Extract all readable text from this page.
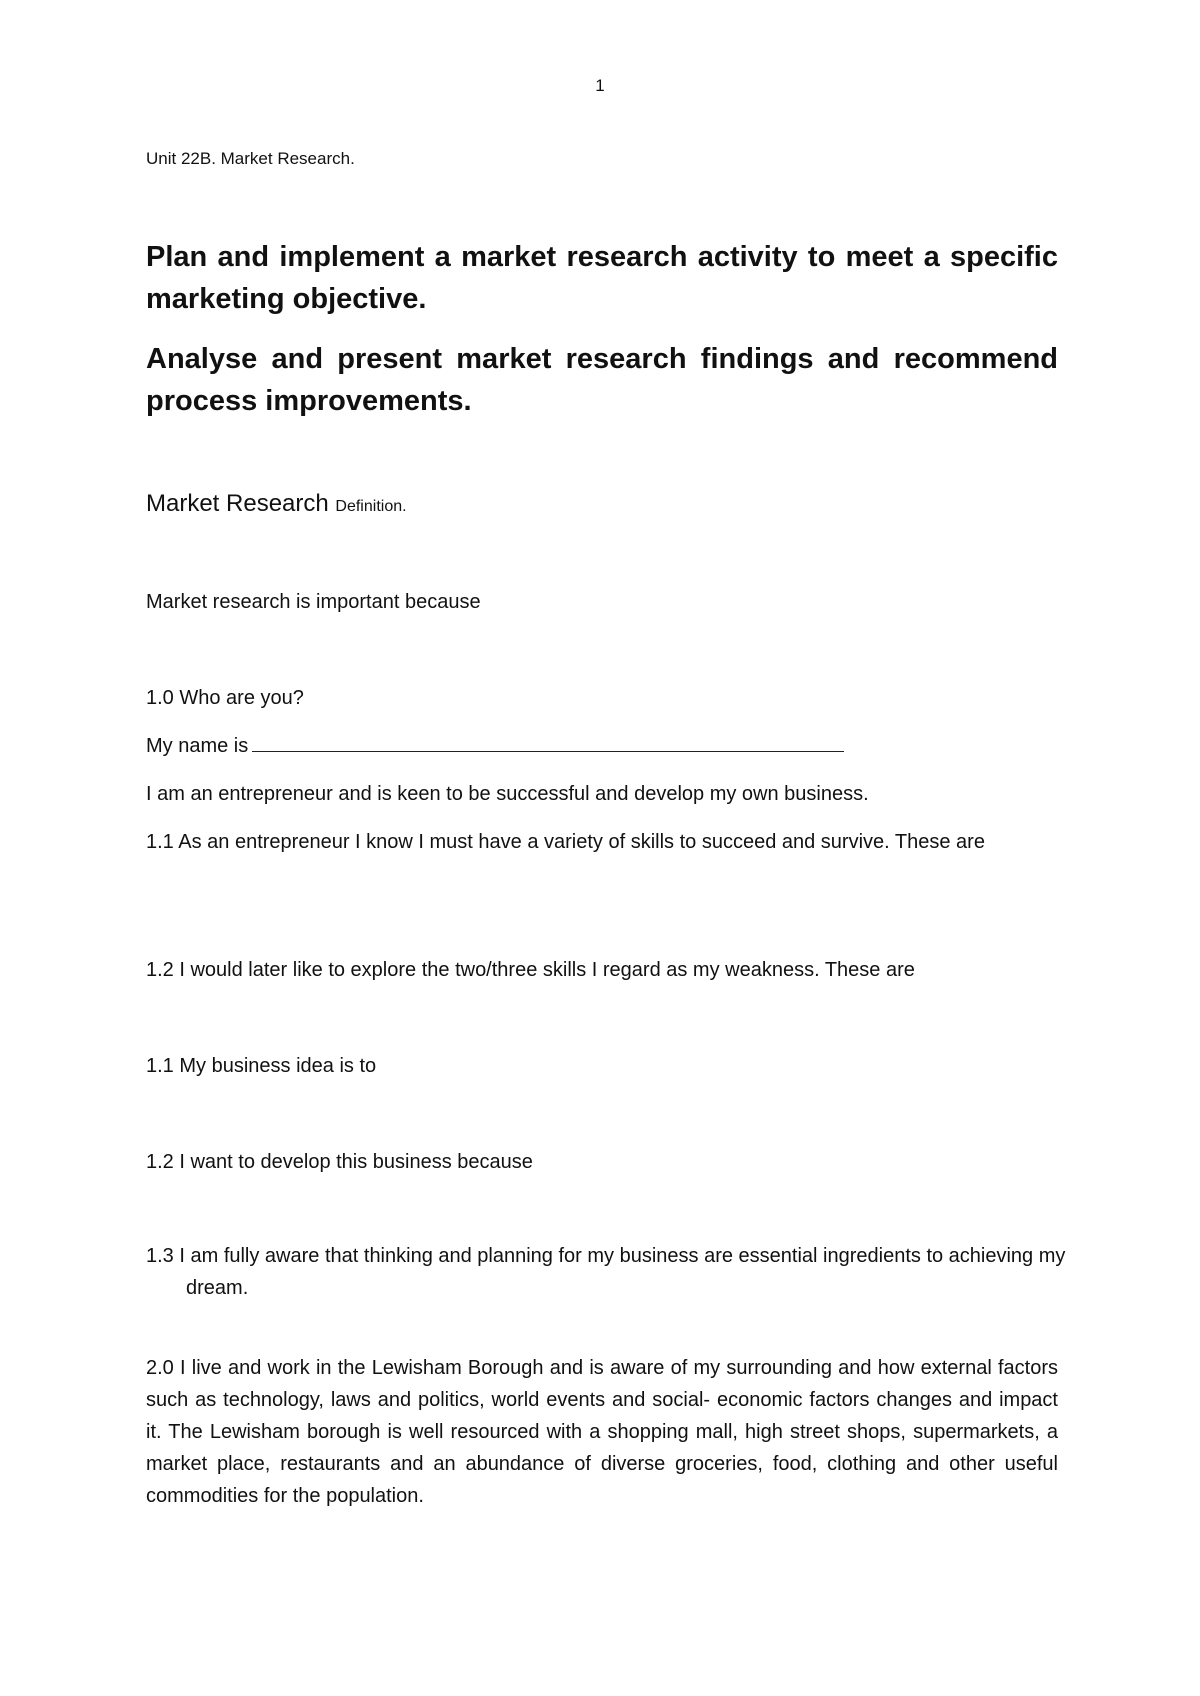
1
Unit 22B. Market Research.
Plan and implement a market research activity to meet a specific marketing objective.
Analyse and present market research findings and recommend process improvements.
Market Research Definition.
Market research is important because
1.0 Who are you?
My name is
I am an entrepreneur and is keen to be successful and develop my own business.
1.1 As an entrepreneur I know I must have a variety of skills to succeed and survive. These are
1.2 I would later like to explore the two/three skills I regard as my weakness. These are
1.1 My business idea is to
1.2 I want to develop this business because
1.3 I am fully aware that thinking and planning for my business are essential ingredients to achieving my dream.
2.0 I live and work in the Lewisham Borough and is aware of my surrounding and how external factors such as technology, laws and politics, world events and social- economic factors changes and impact it. The Lewisham borough is well resourced with a shopping mall, high street shops, supermarkets, a market place, restaurants and an abundance of diverse groceries, food, clothing and other useful commodities for the population.
